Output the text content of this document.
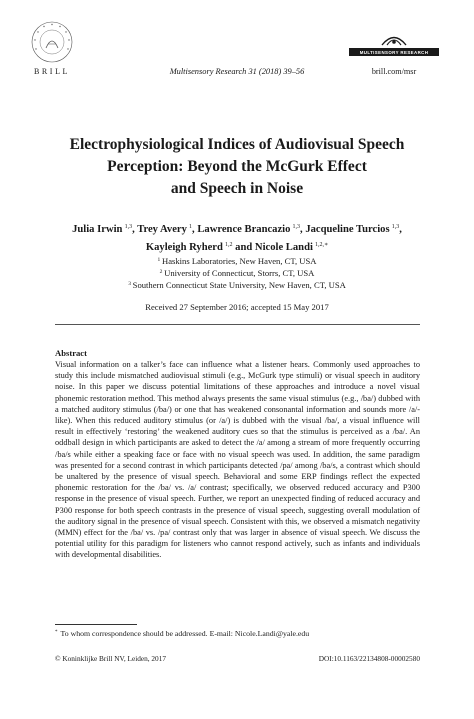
BRILL	Multisensory Research 31 (2018) 39–56
MULTISENSORY RESEARCH
brill.com/msr
Electrophysiological Indices of Audiovisual Speech
Perception: Beyond the McGurk Effect
and Speech in Noise
Julia Irwin  $^{1,3}$, Trey Avery  $^1$, Lawrence Brancazio  $^{1,3}$, Jacqueline Turcios  $^{1,3}$,
Kayleigh Ryherd  $^{1,2}$ and Nicole Landi  $^{1,2,∗}$
$^1$  Haskins Laboratories, New Haven, CT, USA
$^2$  University of Connecticut, Storrs, CT, USA
$^3$  Southern Connecticut State University, New Haven, CT, USA
Received 27 September 2016; accepted 15 May 2017
Abstract
Visual information on a talker’s face can influence what a listener hears. Commonly used approaches to study this include mismatched audiovisual stimuli (e.g., McGurk type stimuli) or visual speech in auditory noise. In this paper we discuss potential limitations of these approaches and introduce a novel visual phonemic restoration method. This method always presents the same visual stimulus (e.g., /ba/) dubbed with a matched auditory stimulus (/ba/) or one that has weakened consonantal information and sounds more /a/-like). When this reduced auditory stimulus (or /a/) is dubbed with the visual /ba/, a visual influence will result in effectively ‘restoring’ the weakened auditory cues so that the stimulus is perceived as a /ba/. An oddball design in which participants are asked to detect the /a/ among a stream of more frequently occurring /ba/s while either a speaking face or face with no visual speech was used. In addition, the same paradigm was presented for a second contrast in which participants detected /pa/ among /ba/s, a contrast which should be unaltered by the presence of visual speech. Behavioral and some ERP findings reflect the expected phonemic restoration for the /ba/ vs. /a/ contrast; specifically, we observed reduced accuracy and P300 response in the presence of visual speech. Further, we report an unexpected finding of reduced accuracy and P300 response for both speech contrasts in the presence of visual speech, suggesting overall modulation of the auditory signal in the presence of visual speech. Consistent with this, we observed a mismatch negativity (MMN) effect for the /ba/ vs. /pa/ contrast only that was larger in absence of visual speech. We discuss the potential utility for this paradigm for listeners who cannot respond actively, such as infants and individuals with developmental disabilities.
* To whom correspondence should be addressed. E-mail: Nicole.Landi@yale.edu
© Koninklijke Brill NV, Leiden, 2017	DOI:10.1163/22134808-00002580
